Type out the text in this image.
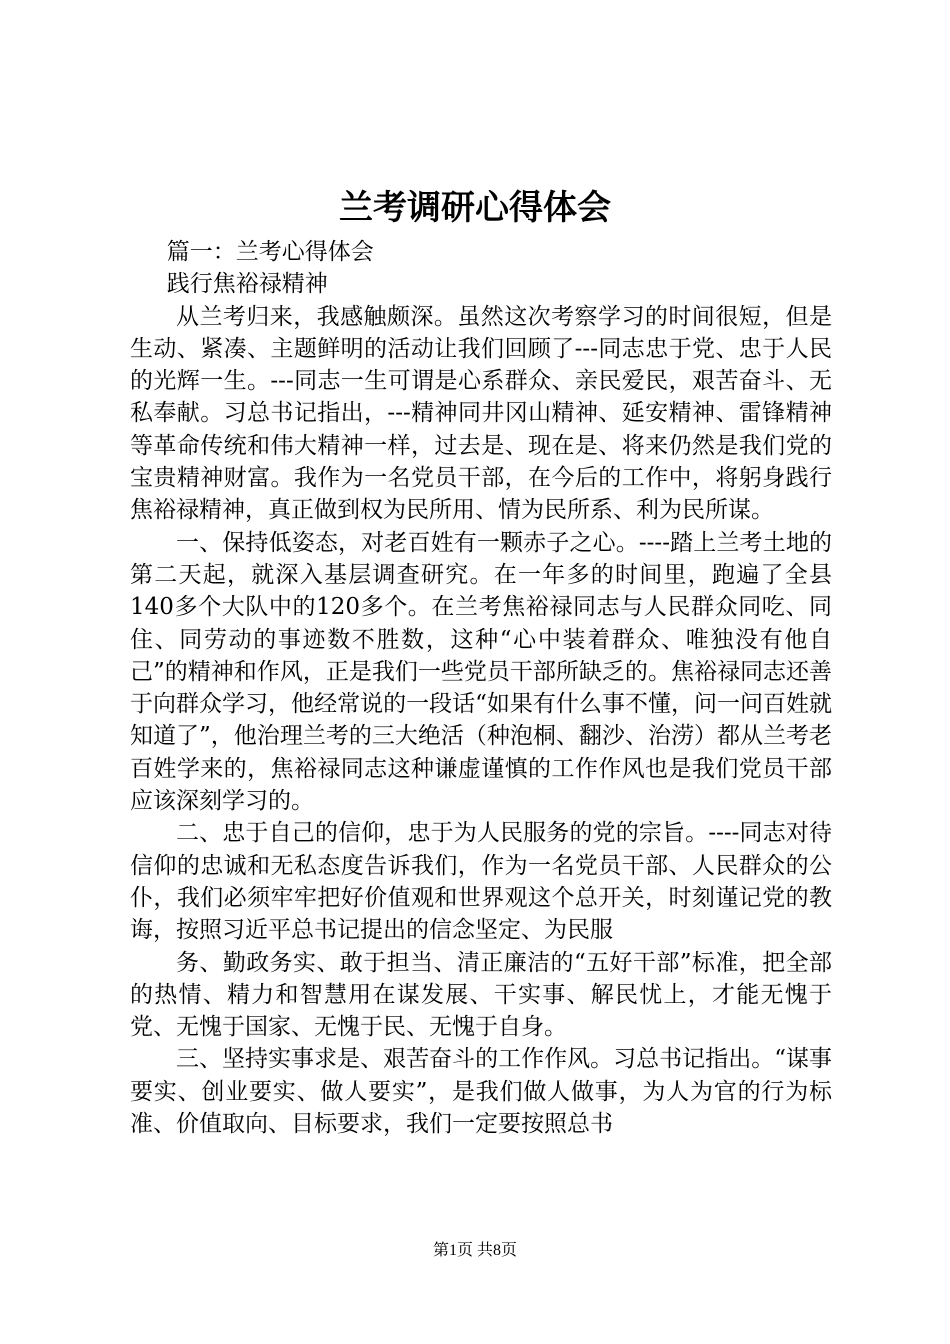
兰考调研心得体会

篇一：兰考心得体会

践行焦裕禄精神

从兰考归来，我感触颇深。虽然这次考察学习的时间很短，但是生动、紧凑、主题鲜明的活动让我们回顾了---同志忠于党、忠于人民的光辉一生。---同志一生可谓是心系群众、亲民爱民，艰苦奋斗、无私奉献。习总书记指出，---精神同井冈山精神、延安精神、雷锋精神等革命传统和伟大精神一样，过去是、现在是、将来仍然是我们党的宝贵精神财富。我作为一名党员干部，在今后的工作中，将躬身践行焦裕禄精神，真正做到权为民所用、情为民所系、利为民所谋。

一、保持低姿态，对老百姓有一颗赤子之心。----踏上兰考土地的第二天起，就深入基层调查研究。在一年多的时间里，跑遍了全县140多个大队中的120多个。在兰考焦裕禄同志与人民群众同吃、同住、同劳动的事迹数不胜数，这种“心中装着群众、唯独没有他自己”的精神和作风，正是我们一些党员干部所缺乏的。焦裕禄同志还善于向群众学习，他经常说的一段话“如果有什么事不懂，问一问百姓就知道了”，他治理兰考的三大绝活（种泡桐、翻沙、治涝）都从兰考老百姓学来的，焦裕禄同志这种谦虚谨慎的工作作风也是我们党员干部应该深刻学习的。

二、忠于自己的信仰，忠于为人民服务的党的宗旨。----同志对待信仰的忠诚和无私态度告诉我们，作为一名党员干部、人民群众的公仆，我们必须牢牢把好价值观和世界观这个总开关，时刻谨记党的教诲，按照习近平总书记提出的信念坚定、为民服

务、勤政务实、敢于担当、清正廉洁的“五好干部”标准，把全部的热情、精力和智慧用在谋发展、干实事、解民忧上，才能无愧于党、无愧于国家、无愧于民、无愧于自身。

三、坚持实事求是、艰苦奋斗的工作作风。习总书记指出。“谋事要实、创业要实、做人要实”，是我们做人做事，为人为官的行为标准、价值取向、目标要求，我们一定要按照总书

第1页 共8页
